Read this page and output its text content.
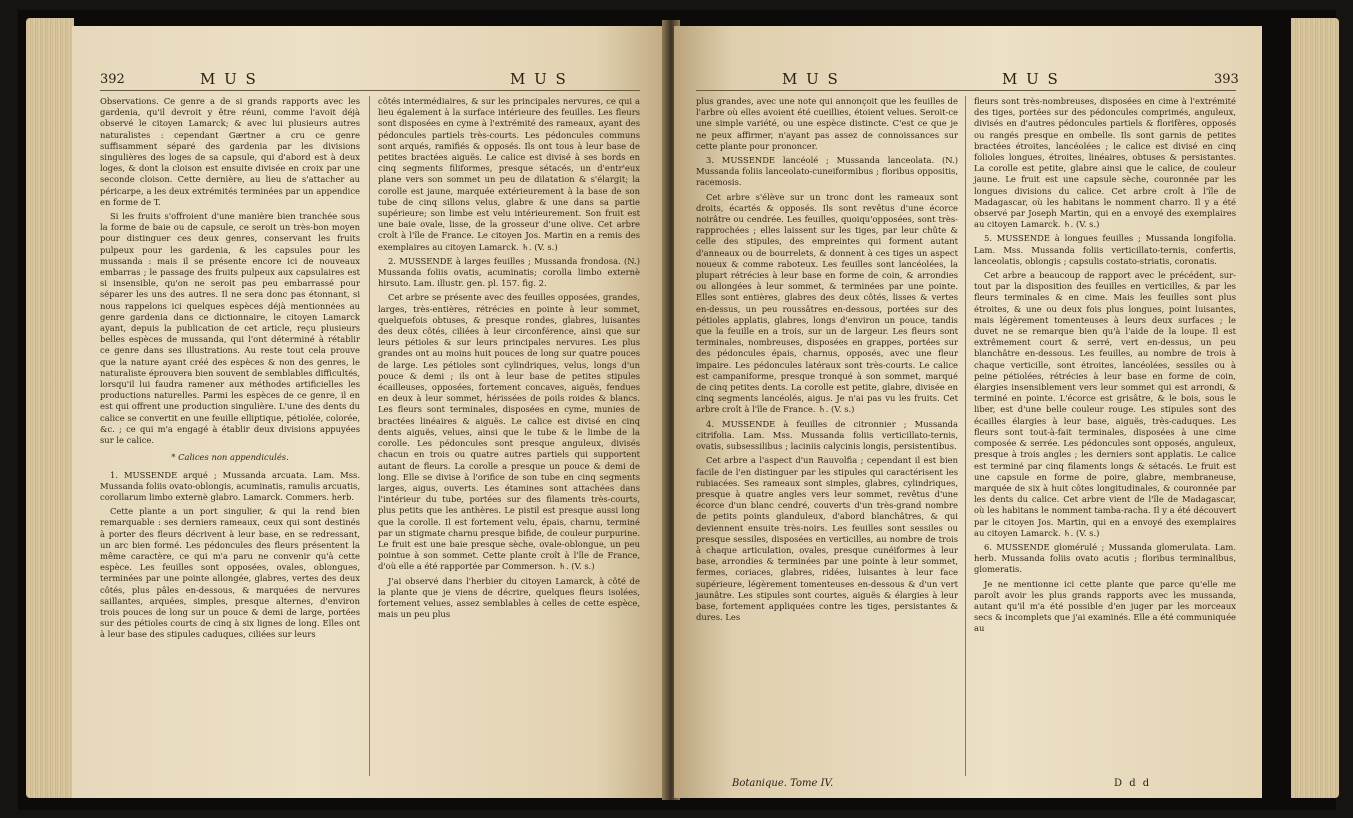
392	M U S	M U S

Observations. Ce genre a de si grands rapports avec les gardenia, qu'il devroit y être réuni, comme l'avoit déjà observé le citoyen Lamarck; & avec lui plusieurs autres naturalistes : cependant Gærtner a cru ce genre suffisamment séparé des gardenia par les divisions singulières des loges de sa capsule, qui d'abord est à deux loges, & dont la cloison est ensuite divisée en croix par une seconde cloison. Cette dernière, au lieu de s'attacher au péricarpe, a les deux extrémités terminées par un appendice en forme de T.

Si les fruits s'offroient d'une manière bien tranchée sous la forme de baie ou de capsule, ce seroit un très-bon moyen pour distinguer ces deux genres, conservant les fruits pulpeux pour les gardenia, & les capsules pour les mussanda : mais il se présente encore ici de nouveaux embarras ; le passage des fruits pulpeux aux capsulaires est si insensible, qu'on ne seroit pas peu embarrassé pour séparer les uns des autres. Il ne sera donc pas étonnant, si nous rappelons ici quelques espèces déjà mentionnées au genre gardenia dans ce dictionnaire, le citoyen Lamarck ayant, depuis la publication de cet article, reçu plusieurs belles espèces de mussanda, qui l'ont déterminé à rétablir ce genre dans ses illustrations. Au reste tout cela prouve que la nature ayant créé des espèces & non des genres, le naturaliste éprouvera bien souvent de semblables difficultés, lorsqu'il lui faudra ramener aux méthodes artificielles les productions naturelles. Parmi les espèces de ce genre, il en est qui offrent une production singulière. L'une des dents du calice se convertit en une feuille elliptique, pétiolée, colorée, &c. ; ce qui m'a engagé à établir deux divisions appuyées sur le calice.

* Calices non appendiculés.

1. MUSSENDE arqué ; Mussanda arcuata. Lam. Mss. Mussanda foliis ovato-oblongis, acuminatis, ramulis arcuatis, corollarum limbo externè glabro. Lamarck. Commers. herb.

Cette plante a un port singulier, & qui la rend bien remarquable : ses derniers rameaux, ceux qui sont destinés à porter des fleurs décrivent à leur base, en se redressant, un arc bien formé. Les pédoncules des fleurs présentent la même caractère, ce qui m'a paru ne convenir qu'à cette espèce. Les feuilles sont opposées, ovales, oblongues, terminées par une pointe allongée, glabres, vertes des deux côtés, plus pâles en-dessous, & marquées de nervures saillantes, arquées, simples, presque alternes, d'environ trois pouces de long sur un pouce & demi de large, portées sur des pétioles courts de cinq à six lignes de long. Elles ont à leur base des stipules caduques, ciliées sur leurs

côtés intermédiaires, & sur les principales nervures, ce qui a lieu également à la surface intérieure des feuilles. Les fleurs sont disposées en cyme à l'extrémité des rameaux, ayant des pédoncules partiels très-courts. Les pédoncules communs sont arqués, ramifiés & opposés. Ils ont tous à leur base de petites bractées aiguës. Le calice est divisé à ses bords en cinq segments filiformes, presque sétacés, un d'entr'eux plane vers son sommet un peu de dilatation & s'élargit; la corolle est jaune, marquée extérieurement à la base de son tube de cinq sillons velus, glabre & une dans sa partie supérieure; son limbe est velu intérieurement. Son fruit est une baie ovale, lisse, de la grosseur d'une olive. Cet arbre croît à l'île de France. Le citoyen Jos. Martin en a remis des exemplaires au citoyen Lamarck. ♄. (V. s.)

2. MUSSENDE à larges feuilles ; Mussanda frondosa. (N.) Mussanda foliis ovatis, acuminatis; corolla limbo externè hirsuto. Lam. illustr. gen. pl. 157. fig. 2.

Cet arbre se présente avec des feuilles opposées, grandes, larges, très-entières, rétrécies en pointe à leur sommet, quelquefois obtuses, & presque rondes, glabres, luisantes des deux côtés, ciliées à leur circonférence, ainsi que sur leurs pétioles & sur leurs principales nervures. Les plus grandes ont au moins huit pouces de long sur quatre pouces de large. Les pétioles sont cylindriques, velus, longs d'un pouce & demi ; ils ont à leur base de petites stipules écailleuses, opposées, fortement concaves, aiguës, fendues en deux à leur sommet, hérissées de poils roides & blancs. Les fleurs sont terminales, disposées en cyme, munies de bractées linéaires & aiguës. Le calice est divisé en cinq dents aiguës, velues, ainsi que le tube & le limbe de la corolle. Les pédoncules sont presque anguleux, divisés chacun en trois ou quatre autres partiels qui supportent autant de fleurs. La corolle a presque un pouce & demi de long. Elle se divise à l'orifice de son tube en cinq segments larges, aigus, ouverts. Les étamines sont attachées dans l'intérieur du tube, portées sur des filaments très-courts, plus petits que les anthères. Le pistil est presque aussi long que la corolle. Il est fortement velu, épais, charnu, terminé par un stigmate charnu presque bifide, de couleur purpurine. Le fruit est une baie presque sèche, ovale-oblongue, un peu pointue à son sommet. Cette plante croît à l'île de France, d'où elle a été rapportée par Commerson. ♄. (V. s.)

J'ai observé dans l'herbier du citoyen Lamarck, à côté de la plante que je viens de décrire, quelques fleurs isolées, fortement velues, assez semblables à celles de cette espèce, mais un peu plus

M U S	M U S	393

plus grandes, avec une note qui annonçoit que les feuilles de l'arbre où elles avoient été cueillies, étoient velues. Seroit-ce une simple variété, ou une espèce distincte. C'est ce que je ne peux affirmer, n'ayant pas assez de connoissances sur cette plante pour prononcer.

3. MUSSENDE lancéolé ; Mussanda lanceolata. (N.) Mussanda foliis lanceolato-cuneiformibus ; floribus oppositis, racemosis.

Cet arbre s'élève sur un tronc dont les rameaux sont droits, écartés & opposés. Ils sont revêtus d'une écorce noirâtre ou cendrée. Les feuilles, quoiqu'opposées, sont très-rapprochées ; elles laissent sur les tiges, par leur chûte & celle des stipules, des empreintes qui forment autant d'anneaux ou de bourrelets, & donnent à ces tiges un aspect noueux & comme raboteux. Les feuilles sont lancéolées, la plupart rétrécies à leur base en forme de coin, & arrondies ou allongées à leur sommet, & terminées par une pointe. Elles sont entières, glabres des deux côtés, lisses & vertes en-dessus, un peu roussâtres en-dessous, portées sur des pétioles applatis, glabres, longs d'environ un pouce, tandis que la feuille en a trois, sur un de largeur. Les fleurs sont terminales, nombreuses, disposées en grappes, portées sur des pédoncules épais, charnus, opposés, avec une fleur impaire. Les pédoncules latéraux sont très-courts. Le calice est campaniforme, presque tronqué à son sommet, marqué de cinq petites dents. La corolle est petite, glabre, divisée en cinq segments lancéolés, aigus. Je n'ai pas vu les fruits. Cet arbre croît à l'île de France. ♄. (V. s.)

4. MUSSENDE à feuilles de citronnier ; Mussanda citrifolia. Lam. Mss. Mussanda foliis verticillato-ternis, ovatis, subsessilibus ; laciniis calycinis longis, persistentibus.

Cet arbre a l'aspect d'un Rauvolfia ; cependant il est bien facile de l'en distinguer par les stipules qui caractérisent les rubiacées. Ses rameaux sont simples, glabres, cylindriques, presque à quatre angles vers leur sommet, revêtus d'une écorce d'un blanc cendré, couverts d'un très-grand nombre de petits points glanduleux, d'abord blanchâtres, & qui deviennent ensuite très-noirs. Les feuilles sont sessiles ou presque sessiles, disposées en verticilles, au nombre de trois à chaque articulation, ovales, presque cunéiformes à leur base, arrondies & terminées par une pointe à leur sommet, fermes, coriaces, glabres, ridées, luisantes à leur face supérieure, légèrement tomenteuses en-dessous & d'un vert jaunâtre. Les stipules sont courtes, aiguës & élargies à leur base, fortement appliquées contre les tiges, persistantes & dures. Les

fleurs sont très-nombreuses, disposées en cime à l'extrémité des tiges, portées sur des pédoncules comprimés, anguleux, divisés en d'autres pédoncules partiels & florifères, opposés ou rangés presque en ombelle. Ils sont garnis de petites bractées étroites, lancéolées ; le calice est divisé en cinq folioles longues, étroites, linéaires, obtuses & persistantes. La corolle est petite, glabre ainsi que le calice, de couleur jaune. Le fruit est une capsule sèche, couronnée par les longues divisions du calice. Cet arbre croît à l'île de Madagascar, où les habitans le nomment charro. Il y a été observé par Joseph Martin, qui en a envoyé des exemplaires au citoyen Lamarck. ♄. (V. s.)

5. MUSSENDE à longues feuilles ; Mussanda longifolia. Lam. Mss. Mussanda foliis verticillato-ternis, confertis, lanceolatis, oblongis ; capsulis costato-striatis, coronatis.

Cet arbre a beaucoup de rapport avec le précédent, sur-tout par la disposition des feuilles en verticilles, & par les fleurs terminales & en cime. Mais les feuilles sont plus étroites, & une ou deux fois plus longues, point luisantes, mais légèrement tomenteuses à leurs deux surfaces ; le duvet ne se remarque bien qu'à l'aide de la loupe. Il est extrêmement court & serré, vert en-dessus, un peu blanchâtre en-dessous. Les feuilles, au nombre de trois à chaque verticille, sont étroites, lancéolées, sessiles ou à peine pétiolées, rétrécies à leur base en forme de coin, élargies insensiblement vers leur sommet qui est arrondi, & terminé en pointe. L'écorce est grisâtre, & le bois, sous le liber, est d'une belle couleur rouge. Les stipules sont des écailles élargies à leur base, aiguës, très-caduques. Les fleurs sont tout-à-fait terminales, disposées à une cime composée & serrée. Les pédoncules sont opposés, anguleux, presque à trois angles ; les derniers sont applatis. Le calice est terminé par cinq filaments longs & sétacés. Le fruit est une capsule en forme de poire, glabre, membraneuse, marquée de six à huit côtes longitudinales, & couronnée par les dents du calice. Cet arbre vient de l'île de Madagascar, où les habitans le nomment tamba-racha. Il y a été découvert par le citoyen Jos. Martin, qui en a envoyé des exemplaires au citoyen Lamarck. ♄. (V. s.)

6. MUSSENDE glomérulé ; Mussanda glomerulata. Lam. herb. Mussanda foliis ovato acutis ; floribus terminalibus, glomeratis.

Je ne mentionne ici cette plante que parce qu'elle me paroît avoir les plus grands rapports avec les mussanda, autant qu'il m'a été possible d'en juger par les morceaux secs & incomplets que j'ai examinés. Elle a été communiquée au

Botanique. Tome IV.	D d d
